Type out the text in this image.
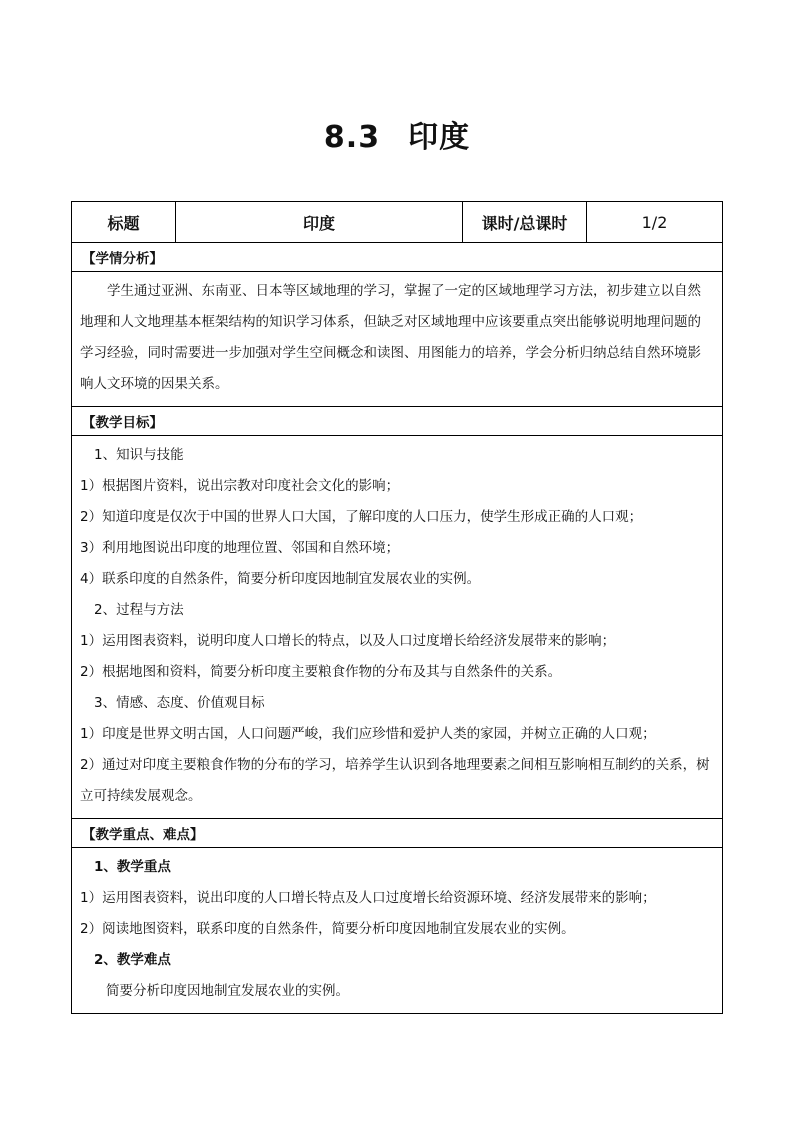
8.3 印度
标题	印度	课时/总课时	1/2
【学情分析】

学生通过亚洲、东南亚、日本等区域地理的学习，掌握了一定的区域地理学习方法，初步建立以自然地理和人文地理基本框架结构的知识学习体系，但缺乏对区域地理中应该要重点突出能够说明地理问题的学习经验，同时需要进一步加强对学生空间概念和读图、用图能力的培养，学会分析归纳总结自然环境影响人文环境的因果关系。

【教学目标】

1、知识与技能

1）根据图片资料，说出宗教对印度社会文化的影响；

2）知道印度是仅次于中国的世界人口大国，了解印度的人口压力，使学生形成正确的人口观；

3）利用地图说出印度的地理位置、邻国和自然环境；

4）联系印度的自然条件，简要分析印度因地制宜发展农业的实例。

2、过程与方法

1）运用图表资料，说明印度人口增长的特点，以及人口过度增长给经济发展带来的影响；

2）根据地图和资料，简要分析印度主要粮食作物的分布及其与自然条件的关系。

3、情感、态度、价值观目标

1）印度是世界文明古国，人口问题严峻，我们应珍惜和爱护人类的家园，并树立正确的人口观；

2）通过对印度主要粮食作物的分布的学习，培养学生认识到各地理要素之间相互影响相互制约的关系，树立可持续发展观念。

【教学重点、难点】

1、教学重点

1）运用图表资料，说出印度的人口增长特点及人口过度增长给资源环境、经济发展带来的影响；

2）阅读地图资料，联系印度的自然条件，简要分析印度因地制宜发展农业的实例。

2、教学难点

简要分析印度因地制宜发展农业的实例。
